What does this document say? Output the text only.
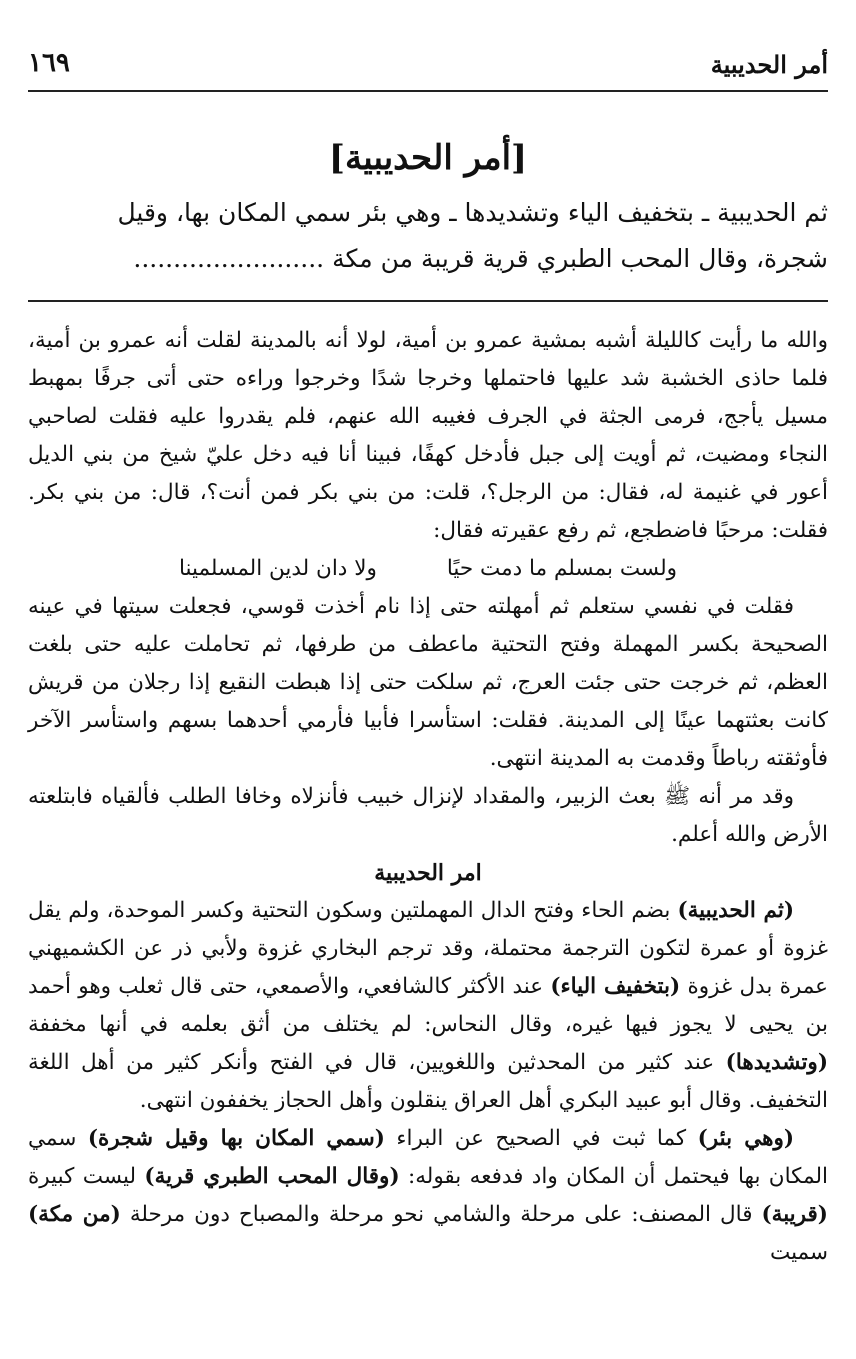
أمر الحديبية
١٦٩
[أمر الحديبية]

ثم الحديبية ـ بتخفيف الياء وتشديدها ـ وهي بئر سمي المكان بها، وقيل

شجرة، وقال المحب الطبري قرية قريبة من مكة ........................

والله ما رأيت كالليلة أشبه بمشية عمرو بن أمية، لولا أنه بالمدينة لقلت أنه عمرو بن أمية، فلما حاذى الخشبة شد عليها فاحتملها وخرجا شدًا وخرجوا وراءه حتى أتى جرفًا بمهبط مسيل يأجج، فرمى الجثة في الجرف فغيبه الله عنهم، فلم يقدروا عليه فقلت لصاحبي النجاء ومضيت، ثم أويت إلى جبل فأدخل كهفًا، فبينا أنا فيه دخل عليّ شيخ من بني الديل أعور في غنيمة له، فقال: من الرجل؟، قلت: من بني بكر فمن أنت؟، قال: من بني بكر. فقلت: مرحبًا فاضطجع، ثم رفع عقيرته فقال:

ولست بمسلم ما دمت حيًا
ولا دان لدين المسلمينا

فقلت في نفسي ستعلم ثم أمهلته حتى إذا نام أخذت قوسي، فجعلت سيتها في عينه الصحيحة بكسر المهملة وفتح التحتية ماعطف من طرفها، ثم تحاملت عليه حتى بلغت العظم، ثم خرجت حتى جئت العرج، ثم سلكت حتى إذا هبطت النقيع إذا رجلان من قريش كانت بعثتهما عينًا إلى المدينة. فقلت: استأسرا فأبيا فأرمي أحدهما بسهم واستأسر الآخر فأوثقته رباطاً وقدمت به المدينة انتهى.

وقد مر أنه ﷺ بعث الزبير، والمقداد لإنزال خبيب فأنزلاه وخافا الطلب فألقياه فابتلعته الأرض والله أعلم.

امر الحديبية

(ثم الحديبية) بضم الحاء وفتح الدال المهملتين وسكون التحتية وكسر الموحدة، ولم يقل غزوة أو عمرة لتكون الترجمة محتملة، وقد ترجم البخاري غزوة ولأبي ذر عن الكشميهني عمرة بدل غزوة (بتخفيف الياء) عند الأكثر كالشافعي، والأصمعي، حتى قال ثعلب وهو أحمد بن يحيى لا يجوز فيها غيره، وقال النحاس: لم يختلف من أثق بعلمه في أنها مخففة (وتشديدها) عند كثير من المحدثين واللغويين، قال في الفتح وأنكر كثير من أهل اللغة التخفيف. وقال أبو عبيد البكري أهل العراق ينقلون وأهل الحجاز يخففون انتهى.

(وهي بئر) كما ثبت في الصحيح عن البراء (سمي المكان بها وقيل شجرة) سمي المكان بها فيحتمل أن المكان واد فدفعه بقوله: (وقال المحب الطبري قرية) ليست كبيرة (قريبة) قال المصنف: على مرحلة والشامي نحو مرحلة والمصباح دون مرحلة (من مكة) سميت
